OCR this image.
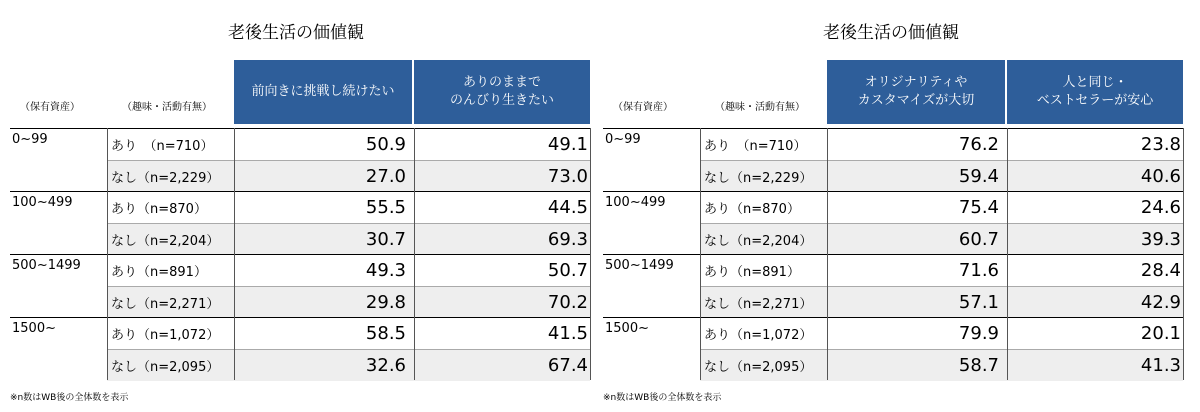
老後生活の価値観
（保有資産）	（趣味・活動有無）
前向きに挑戦し続けたい
ありのままで
のんびり生きたい
0~99	あり　（n=710）	50.9	49.1
なし（n=2,229）	27.0	73.0
100~499	あり（n=870）	55.5	44.5
なし（n=2,204）	30.7	69.3
500~1499 あり（n=891）	49.3	50.7
なし（n=2,271）	29.8	70.2
1500~	あり（n=1,072）	58.5	41.5
なし（n=2,095）	32.6	67.4
※n数はWB後の全体数を表示
老後生活の価値観
（保有資産）	（趣味・活動有無）
オリジナリティや
カスタマイズが大切
人と同じ・
ベストセラーが安心
0~99	あり　（n=710）	76.2	23.8
なし（n=2,229）	59.4	40.6
100~499	あり（n=870）	75.4	24.6
なし（n=2,204）	60.7	39.3
500~1499 あり（n=891）	71.6	28.4
なし（n=2,271）	57.1	42.9
1500~	あり（n=1,072）	79.9	20.1
なし（n=2,095）	58.7	41.3
※n数はWB後の全体数を表示
